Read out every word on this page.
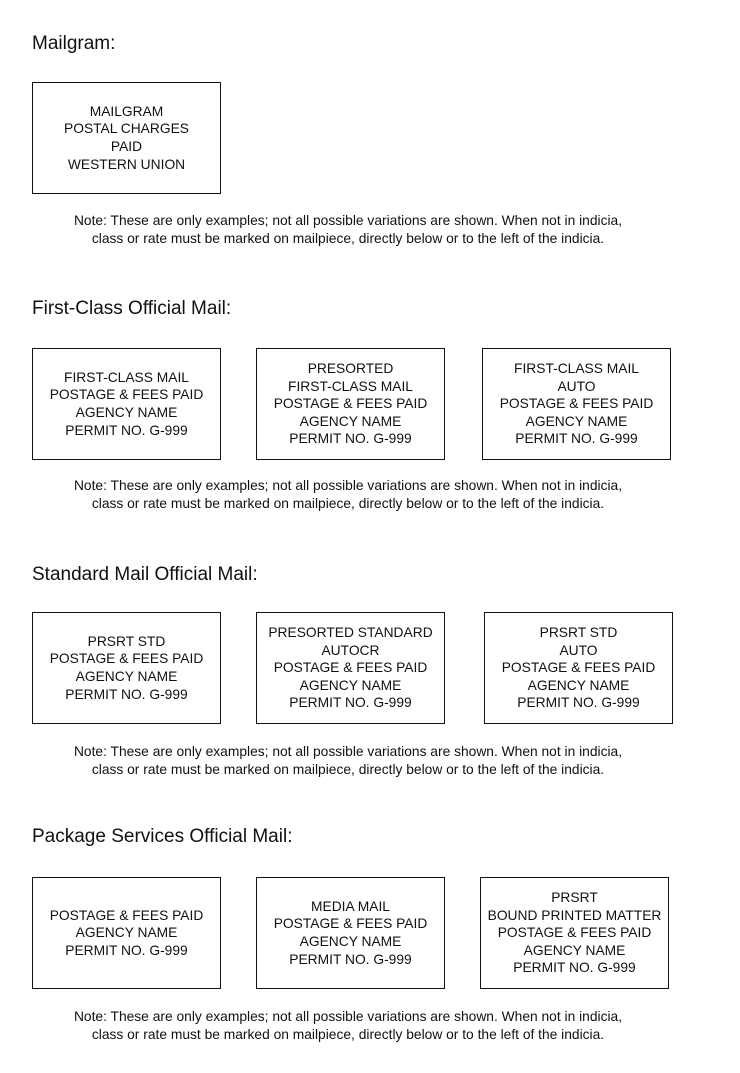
Mailgram:
MAILGRAM
POSTAL CHARGES
PAID
WESTERN UNION

Note: These are only examples; not all possible variations are shown. When not in indicia,
class or rate must be marked on mailpiece, directly below or to the left of the indicia.

First-Class Official Mail:
FIRST-CLASS MAIL
POSTAGE & FEES PAID
AGENCY NAME
PERMIT NO. G-999
PRESORTED
FIRST-CLASS MAIL
POSTAGE & FEES PAID
AGENCY NAME
PERMIT NO. G-999
FIRST-CLASS MAIL
AUTO
POSTAGE & FEES PAID
AGENCY NAME
PERMIT NO. G-999

Note: These are only examples; not all possible variations are shown. When not in indicia,
class or rate must be marked on mailpiece, directly below or to the left of the indicia.

Standard Mail Official Mail:
PRSRT STD
POSTAGE & FEES PAID
AGENCY NAME
PERMIT NO. G-999
PRESORTED STANDARD
AUTOCR
POSTAGE & FEES PAID
AGENCY NAME
PERMIT NO. G-999
PRSRT STD
AUTO
POSTAGE & FEES PAID
AGENCY NAME
PERMIT NO. G-999

Note: These are only examples; not all possible variations are shown. When not in indicia,
class or rate must be marked on mailpiece, directly below or to the left of the indicia.

Package Services Official Mail:
POSTAGE & FEES PAID
AGENCY NAME
PERMIT NO. G-999
MEDIA MAIL
POSTAGE & FEES PAID
AGENCY NAME
PERMIT NO. G-999
PRSRT
BOUND PRINTED MATTER
POSTAGE & FEES PAID
AGENCY NAME
PERMIT NO. G-999

Note: These are only examples; not all possible variations are shown. When not in indicia,
class or rate must be marked on mailpiece, directly below or to the left of the indicia.
